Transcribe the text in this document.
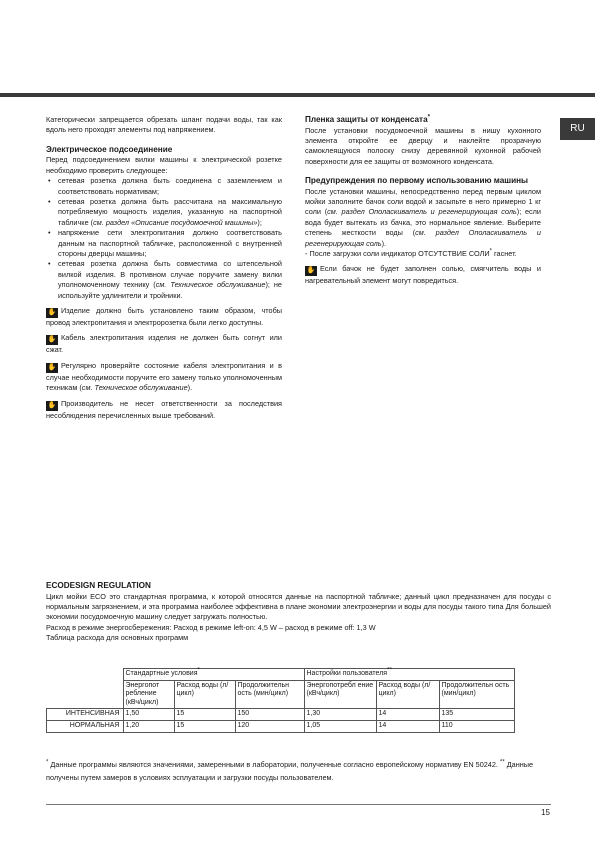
RU

Категорически запрещается обрезать шланг подачи воды, так как вдоль него проходят элементы под напряжением.

Электрическое подсоединение

Перед подсоединением вилки машины к электрической розетке необходимо проверить следующее:

• сетевая розетка должна быть соединена с заземлением и соответствовать нормативам;
• сетевая розетка должна быть рассчитана на максимальную потребляемую мощность изделия, указанную на паспортной табличке (см. раздел «Описание посудомоечной машины»);
• напряжение сети электропитания должно соответствовать данным на паспортной табличке, расположенной с внутренней стороны дверцы машины;
• сетевая розетка должна быть совместима со штепсельной вилкой изделия. В противном случае поручите замену вилки уполномоченному технику (см. Техническое обслуживание); не используйте удлинители и тройники.

✋ Изделие должно быть установлено таким образом, чтобы провод электропитания и электророзетка были легко доступны.

✋ Кабель электропитания изделия не должен быть согнут или сжат.

✋ Регулярно проверяйте состояние кабеля электропитания и в случае необходимости поручите его замену только уполномоченным техникам (см. Техническое обслуживание).

✋ Производитель не несет ответственности за последствия несоблюдения перечисленных выше требований.

Пленка защиты от конденсата*

После установки посудомоечной машины в нишу кухонного элемента откройте ее дверцу и наклейте прозрачную самоклеящуюся полоску снизу деревянной кухонной рабочей поверхности для ее защиты от возможного конденсата.

Предупреждения по первому использованию машины

После установки машины, непосредственно перед первым циклом мойки заполните бачок соли водой и засыпьте в него примерно 1 кг соли (см. раздел Ополаскиватель и регенерирующая соль); если вода будет вытекать из бачка, это нормальное явление. Выберите степень жесткости воды (см. раздел Ополаскиватель и регенерирующая соль).

- После загрузки соли индикатор ОТСУТСТВИЕ СОЛИ* гаснет.

✋ Если бачок не будет заполнен солью, смягчитель воды и нагревательный элемент могут повредиться.

ECODESIGN REGULATION

Цикл мойки ECO это стандартная программа, к которой относятся данные на паспортной табличке; данный цикл предназначен для посуды с нормальным загрязнением, и эта программа наиболее эффективна в плане экономии электроэнергии и воды для посуды такого типа Для большей экономии посудомоечную машину следует загружать полностью.

Расход в режиме энергосбережения: Расход в режиме left-on: 4,5 W – расход в режиме off: 1,3 W

Таблица расхода для основных программ

	Стандартные условия*			Настройки пользователя**
	Энергопот ребление (кВч/цикл)	Расход воды (л/цикл)	Продолжительн ость (мин/цикл)	Энергопотребл ение (кВч/цикл)	Расход воды (л/цикл)	Продолжительн ость (мин/цикл)
ИНТЕНСИВНАЯ	1,50	15	150	1,30	14	135
НОРМАЛЬНАЯ	1,20	15	120	1,05	14	110

* Данные программы являются значениями, замеренными в лаборатории, полученные согласно европейскому нормативу EN 50242. ** Данные получены путем замеров в условиях эсплуатации и загрузки посуды пользователем.

15
